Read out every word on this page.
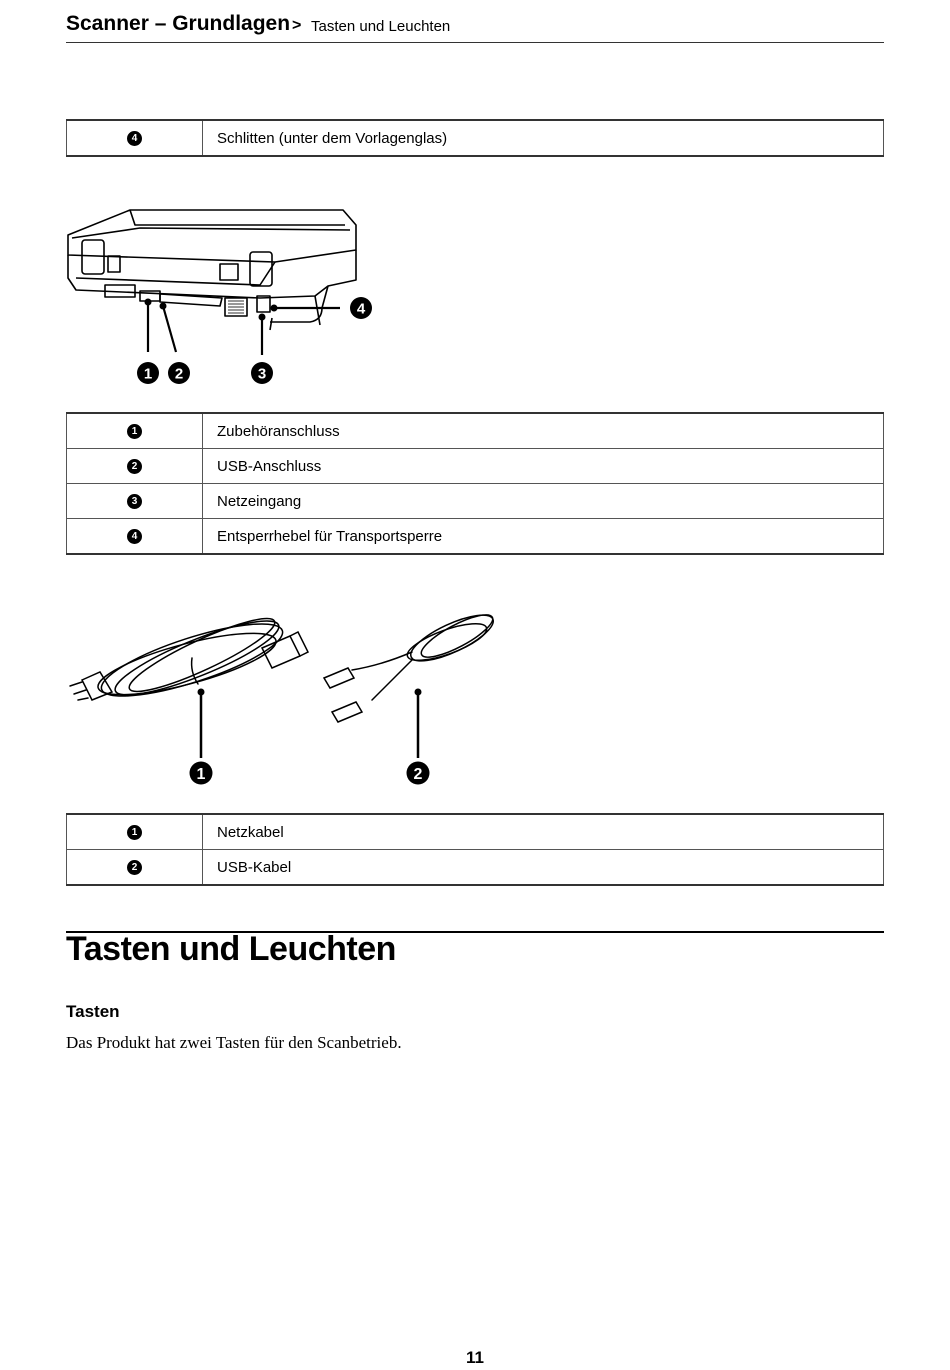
Scanner – Grundlagen > Tasten und Leuchten
4	Schlitten (unter dem Vorlagenglas)
1 2	3
4
1	Zubehöranschluss
2	USB-Anschluss
3	Netzeingang
4	Entsperrhebel für Transportsperre
1	2
1	Netzkabel
2	USB-Kabel
Tasten und Leuchten
Tasten
Das Produkt hat zwei Tasten für den Scanbetrieb.
11
